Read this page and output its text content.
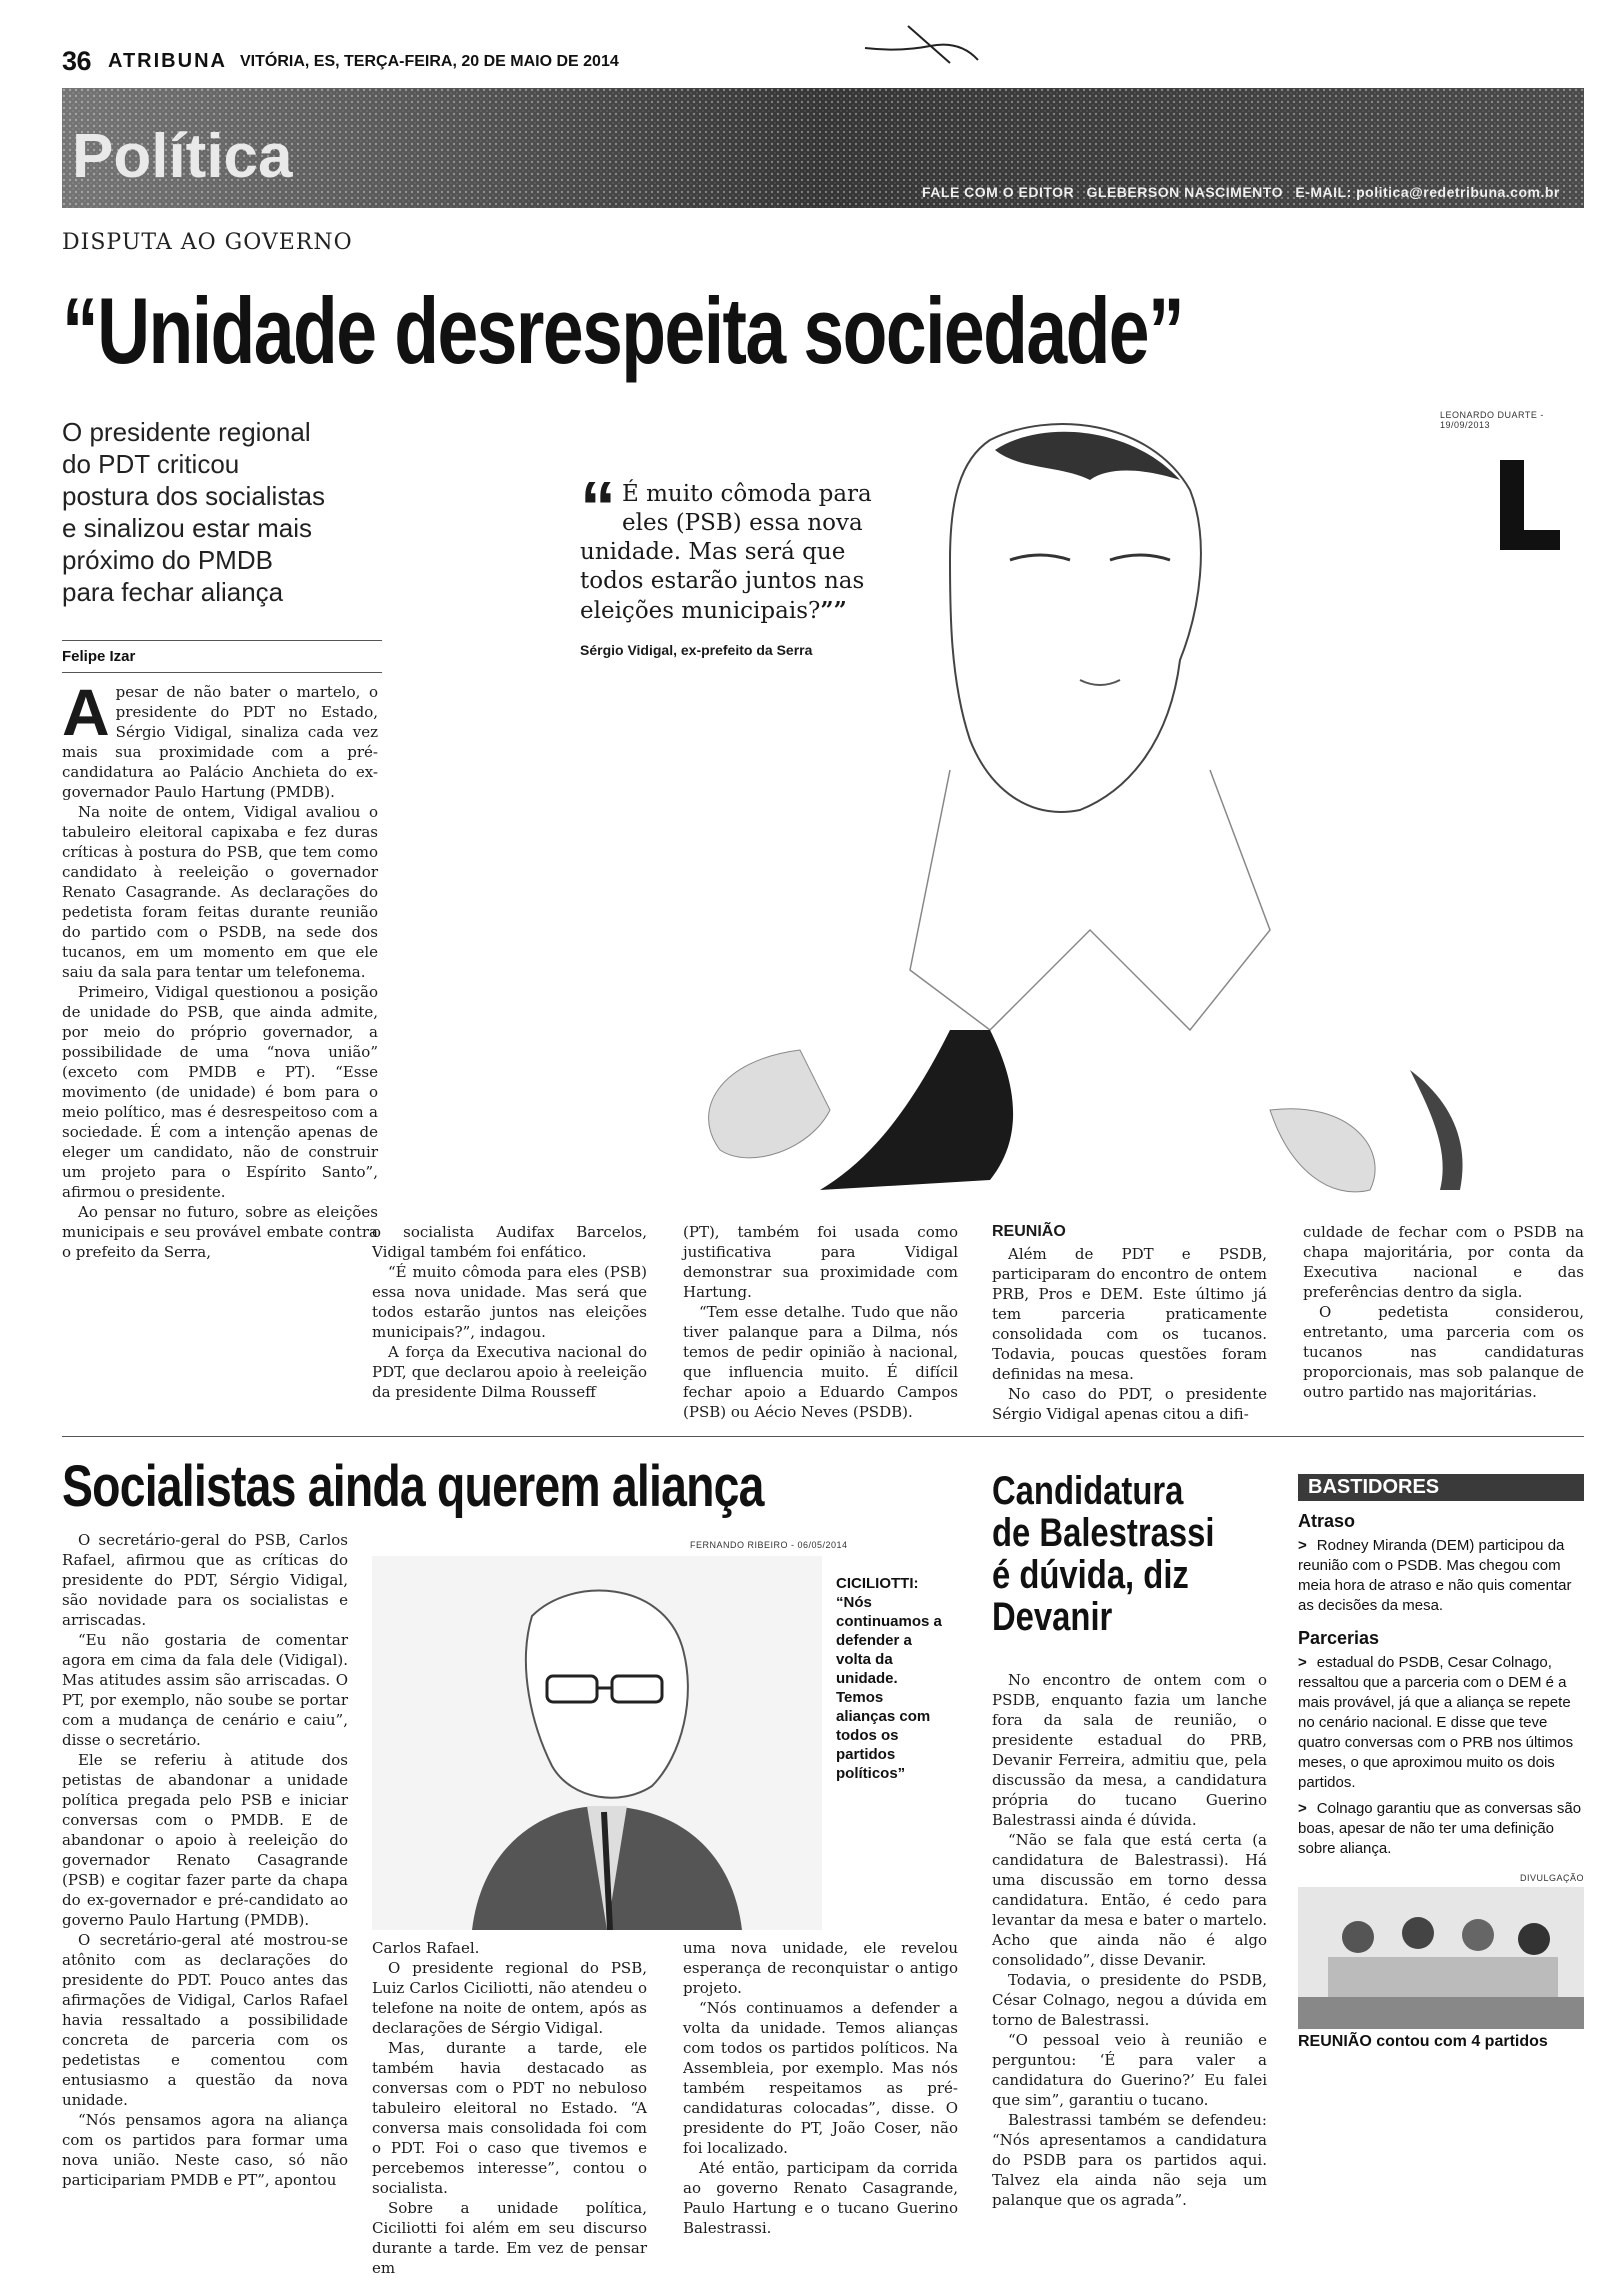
36 ATRIBUNA VITÓRIA, ES, TERÇA-FEIRA, 20 DE MAIO DE 2014
Política
FALE COM O EDITOR GLEBERSON NASCIMENTO E-MAIL: politica@redetribuna.com.br
DISPUTA AO GOVERNO
“Unidade desrespeita sociedade”
O presidente regional
do PDT criticou
postura dos socialistas
e sinalizou estar mais
próximo do PMDB
para fechar aliança
Felipe Izar
LEONARDO DUARTE - 19/09/2013
“ É muito cômoda para
eles (PSB) essa nova
unidade. Mas será que
todos estarão juntos nas
eleições municipais?””
Sérgio Vidigal, ex-prefeito da Serra

Apesar de não bater o martelo, o presidente do PDT no Estado, Sérgio Vidigal, sinaliza cada vez mais sua proximidade com a pré-candidatura ao Palácio Anchieta do ex-governador Paulo Hartung (PMDB).

Na noite de ontem, Vidigal avaliou o tabuleiro eleitoral capixaba e fez duras críticas à postura do PSB, que tem como candidato à reeleição o governador Renato Casagrande. As declarações do pedetista foram feitas durante reunião do partido com o PSDB, na sede dos tucanos, em um momento em que ele saiu da sala para tentar um telefonema.

Primeiro, Vidigal questionou a posição de unidade do PSB, que ainda admite, por meio do próprio governador, a possibilidade de uma “nova união” (exceto com PMDB e PT). “Esse movimento (de unidade) é bom para o meio político, mas é desrespeitoso com a sociedade. É com a intenção apenas de eleger um candidato, não de construir um projeto para o Espírito Santo”, afirmou o presidente.

Ao pensar no futuro, sobre as eleições municipais e seu provável embate contra o prefeito da Serra,

o socialista Audifax Barcelos, Vidigal também foi enfático.

“É muito cômoda para eles (PSB) essa nova unidade. Mas será que todos estarão juntos nas eleições municipais?”, indagou.

A força da Executiva nacional do PDT, que declarou apoio à reeleição da presidente Dilma Rousseff

(PT), também foi usada como justificativa para Vidigal demonstrar sua proximidade com Hartung.

“Tem esse detalhe. Tudo que não tiver palanque para a Dilma, nós temos de pedir opinião à nacional, que influencia muito. É difícil fechar apoio a Eduardo Campos (PSB) ou Aécio Neves (PSDB).

REUNIÃO

Além de PDT e PSDB, participaram do encontro de ontem PRB, Pros e DEM. Este último já tem parceria praticamente consolidada com os tucanos. Todavia, poucas questões foram definidas na mesa.

No caso do PDT, o presidente Sérgio Vidigal apenas citou a difi-

culdade de fechar com o PSDB na chapa majoritária, por conta da Executiva nacional e das preferências dentro da sigla.

O pedetista considerou, entretanto, uma parceria com os tucanos nas candidaturas proporcionais, mas sob palanque de outro partido nas majoritárias.

Socialistas ainda querem aliança

O secretário-geral do PSB, Carlos Rafael, afirmou que as críticas do presidente do PDT, Sérgio Vidigal, são novidade para os socialistas e arriscadas.

“Eu não gostaria de comentar agora em cima da fala dele (Vidigal). Mas atitudes assim são arriscadas. O PT, por exemplo, não soube se portar com a mudança de cenário e caiu”, disse o secretário.

Ele se referiu à atitude dos petistas de abandonar a unidade política pregada pelo PSB e iniciar conversas com o PMDB. E de abandonar o apoio à reeleição do governador Renato Casagrande (PSB) e cogitar fazer parte da chapa do ex-governador e pré-candidato ao governo Paulo Hartung (PMDB).

O secretário-geral até mostrou-se atônito com as declarações do presidente do PDT. Pouco antes das afirmações de Vidigal, Carlos Rafael havia ressaltado a possibilidade concreta de parceria com os pedetistas e comentou com entusiasmo a questão da nova unidade.

“Nós pensamos agora na aliança com os partidos para formar uma nova união. Neste caso, só não participariam PMDB e PT”, apontou

FERNANDO RIBEIRO - 06/05/2014
CICILIOTTI:
“Nós continuamos a defender a volta da unidade. Temos alianças com todos os partidos políticos”

Carlos Rafael.

O presidente regional do PSB, Luiz Carlos Ciciliotti, não atendeu o telefone na noite de ontem, após as declarações de Sérgio Vidigal.

Mas, durante a tarde, ele também havia destacado as conversas com o PDT no nebuloso tabuleiro eleitoral no Estado. “A conversa mais consolidada foi com o PDT. Foi o caso que tivemos e percebemos interesse”, contou o socialista.

Sobre a unidade política, Ciciliotti foi além em seu discurso durante a tarde. Em vez de pensar em

uma nova unidade, ele revelou esperança de reconquistar o antigo projeto.

“Nós continuamos a defender a volta da unidade. Temos alianças com todos os partidos políticos. Na Assembleia, por exemplo. Mas nós também respeitamos as pré-candidaturas colocadas”, disse. O presidente do PT, João Coser, não foi localizado.

Até então, participam da corrida ao governo Renato Casagrande, Paulo Hartung e o tucano Guerino Balestrassi.

Candidatura
de Balestrassi
é dúvida, diz
Devanir

No encontro de ontem com o PSDB, enquanto fazia um lanche fora da sala de reunião, o presidente estadual do PRB, Devanir Ferreira, admitiu que, pela discussão da mesa, a candidatura própria do tucano Guerino Balestrassi ainda é dúvida.

“Não se fala que está certa (a candidatura de Balestrassi). Há uma discussão em torno dessa candidatura. Então, é cedo para levantar da mesa e bater o martelo. Acho que ainda não é algo consolidado”, disse Devanir.

Todavia, o presidente do PSDB, César Colnago, negou a dúvida em torno de Balestrassi.

“O pessoal veio à reunião e perguntou: ‘É para valer a candidatura do Guerino?’ Eu falei que sim”, garantiu o tucano.

Balestrassi também se defendeu: “Nós apresentamos a candidatura do PSDB para os partidos aqui. Talvez ela ainda não seja um palanque que os agrada”.

BASTIDORES
Atraso
> Rodney Miranda (DEM) participou da reunião com o PSDB. Mas chegou com meia hora de atraso e não quis comentar as decisões da mesa.
Parcerias
> estadual do PSDB, Cesar Colnago, ressaltou que a parceria com o DEM é a mais provável, já que a aliança se repete no cenário nacional. E disse que teve quatro conversas com o PRB nos últimos meses, o que aproximou muito os dois partidos.
> Colnago garantiu que as conversas são boas, apesar de não ter uma definição sobre aliança.
DIVULGAÇÃO
REUNIÃO contou com 4 partidos
